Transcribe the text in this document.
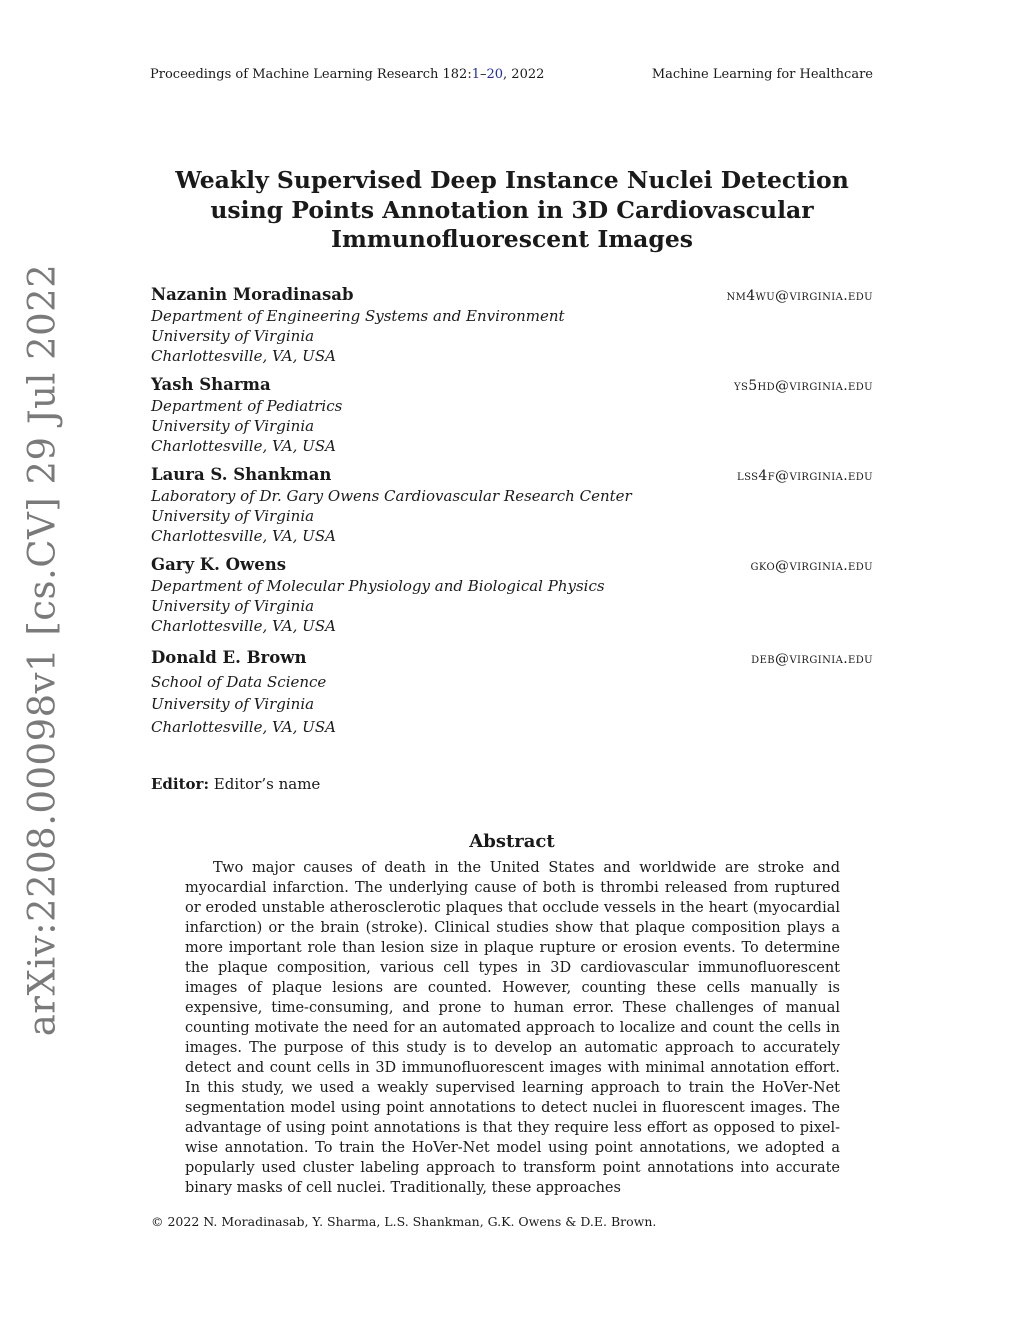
Proceedings of Machine Learning Research 182:1–20, 2022	Machine Learning for Healthcare
arXiv:2208.00098v1 [cs.CV] 29 Jul 2022
Weakly Supervised Deep Instance Nuclei Detection using Points Annotation in 3D Cardiovascular Immunofluorescent Images
Nazanin Moradinasab	nm4wu@virginia.edu
Department of Engineering Systems and Environment
University of Virginia
Charlottesville, VA, USA
Yash Sharma	ys5hd@virginia.edu
Department of Pediatrics
University of Virginia
Charlottesville, VA, USA
Laura S. Shankman	lss4f@virginia.edu
Laboratory of Dr. Gary Owens Cardiovascular Research Center
University of Virginia
Charlottesville, VA, USA
Gary K. Owens	gko@virginia.edu
Department of Molecular Physiology and Biological Physics
University of Virginia
Charlottesville, VA, USA
Donald E. Brown	deb@virginia.edu
School of Data Science
University of Virginia
Charlottesville, VA, USA
Editor: Editor’s name
Abstract

Two major causes of death in the United States and worldwide are stroke and myocardial infarction. The underlying cause of both is thrombi released from ruptured or eroded unstable atherosclerotic plaques that occlude vessels in the heart (myocardial infarction) or the brain (stroke). Clinical studies show that plaque composition plays a more important role than lesion size in plaque rupture or erosion events. To determine the plaque composition, various cell types in 3D cardiovascular immunofluorescent images of plaque lesions are counted. However, counting these cells manually is expensive, time-consuming, and prone to human error. These challenges of manual counting motivate the need for an automated approach to localize and count the cells in images. The purpose of this study is to develop an automatic approach to accurately detect and count cells in 3D immunofluorescent images with minimal annotation effort. In this study, we used a weakly supervised learning approach to train the HoVer-Net segmentation model using point annotations to detect nuclei in fluorescent images. The advantage of using point annotations is that they require less effort as opposed to pixel-wise annotation. To train the HoVer-Net model using point annotations, we adopted a popularly used cluster labeling approach to transform point annotations into accurate binary masks of cell nuclei. Traditionally, these approaches

© 2022 N. Moradinasab, Y. Sharma, L.S. Shankman, G.K. Owens & D.E. Brown.
